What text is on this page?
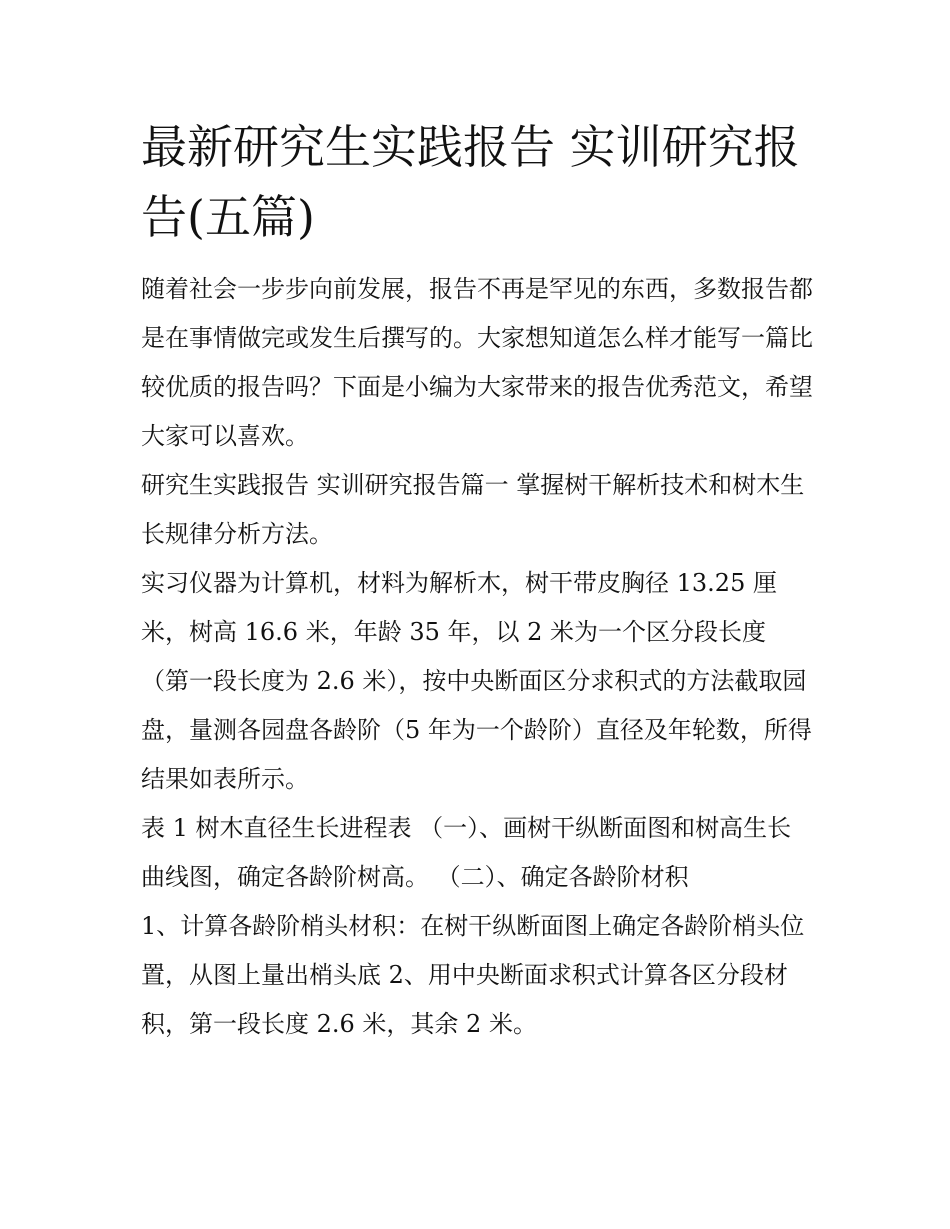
最新研究生实践报告 实训研究报告(五篇)

随着社会一步步向前发展，报告不再是罕见的东西，多数报告都是在事情做完或发生后撰写的。大家想知道怎么样才能写一篇比较优质的报告吗？下面是小编为大家带来的报告优秀范文，希望大家可以喜欢。

研究生实践报告 实训研究报告篇一 掌握树干解析技术和树木生长规律分析方法。

实习仪器为计算机，材料为解析木，树干带皮胸径 13.25 厘米，树高 16.6 米，年龄 35 年，以 2 米为一个区分段长度（第一段长度为 2.6 米），按中央断面区分求积式的方法截取园盘，量测各园盘各龄阶（5 年为一个龄阶）直径及年轮数，所得结果如表所示。

表 1 树木直径生长进程表 （一）、画树干纵断面图和树高生长曲线图，确定各龄阶树高。 （二）、确定各龄阶材积

1、计算各龄阶梢头材积：在树干纵断面图上确定各龄阶梢头位置，从图上量出梢头底 2、用中央断面求积式计算各区分段材积，第一段长度 2.6 米，其余 2 米。
